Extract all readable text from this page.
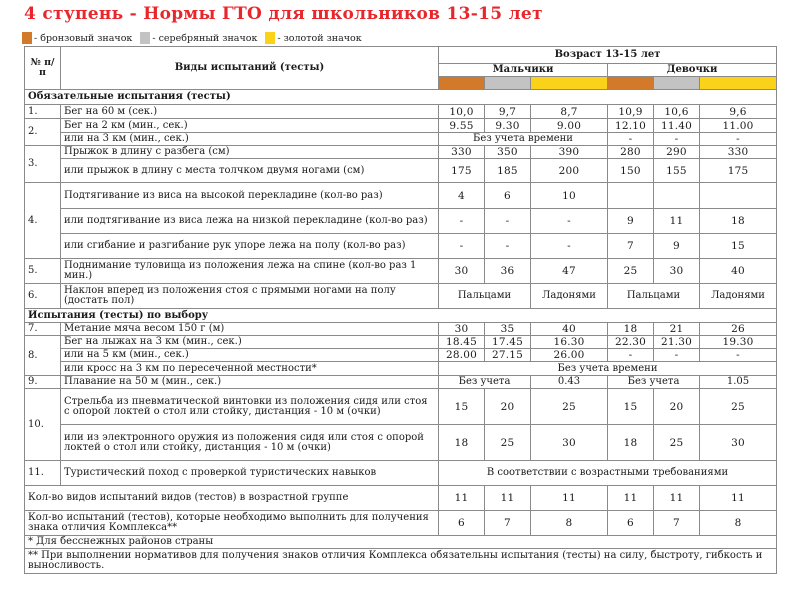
4 ступень - Нормы ГТО для школьников 13-15 лет
- бронзовый значок - серебряный значок - золотой значок
№ п/п	Виды испытаний (тесты)	Возраст 13-15 лет					
		Мальчики			Девочки		

Обязательные испытания (тесты)							
1.	Бег на 60 м (сек.)	10,0	9,7	8,7	10,9	10,6	9,6
2.	Бег на 2 км (мин., сек.)	9.55	9.30	9.00	12.10	11.40	11.00
	или на 3 км (мин., сек.)	Без учета времени			-	-	-
3.	Прыжок в длину с разбега (см)	330	350	390	280	290	330
	или прыжок в длину с места толчком двумя ногами (см)	175	185	200	150	155	175
4.	Подтягивание из виса на высокой перекладине (кол-во раз)	4	6	10			
	или подтягивание из виса лежа на низкой перекладине (кол-во раз)	-	-	-	9	11	18
	или сгибание и разгибание рук упоре лежа на полу (кол-во раз)	-	-	-	7	9	15
5.	Поднимание туловища из положения лежа на спине (кол-во раз 1 мин.)	30	36	47	25	30	40
6.	Наклон вперед из положения стоя с прямыми ногами на полу (достать пол)	Пальцами		Ладонями	Пальцами		Ладонями
Испытания (тесты) по выбору							
7.	Метание мяча весом 150 г (м)	30	35	40	18	21	26
8.	Бег на лыжах на 3 км (мин., сек.)	18.45	17.45	16.30	22.30	21.30	19.30
	или на 5 км (мин., сек.)	28.00	27.15	26.00	-	-	-
	или кросс на 3 км по пересеченной местности*	Без учета времени					
9.	Плавание на 50 м (мин., сек.)	Без учета		0.43	Без учета		1.05
10.	Стрельба из пневматической винтовки из положения сидя или стоя с опорой локтей о стол или стойку, дистанция - 10 м (очки)	15	20	25	15	20	25
	или из электронного оружия из положения сидя или стоя с опорой локтей о стол или стойку, дистанция - 10 м (очки)	18	25	30	18	25	30
11.	Туристический поход с проверкой туристических навыков	В соответствии с возрастными требованиями					
Кол-во видов испытаний видов (тестов) в возрастной группе		11	11	11	11	11	11
Кол-во испытаний (тестов), которые необходимо выполнить для получения знака отличия Комплекса**		6	7	8	6	7	8
* Для бесснежных районов страны							
** При выполнении нормативов для получения знаков отличия Комплекса обязательны испытания (тесты) на силу, быстроту, гибкость и выносливость.							
